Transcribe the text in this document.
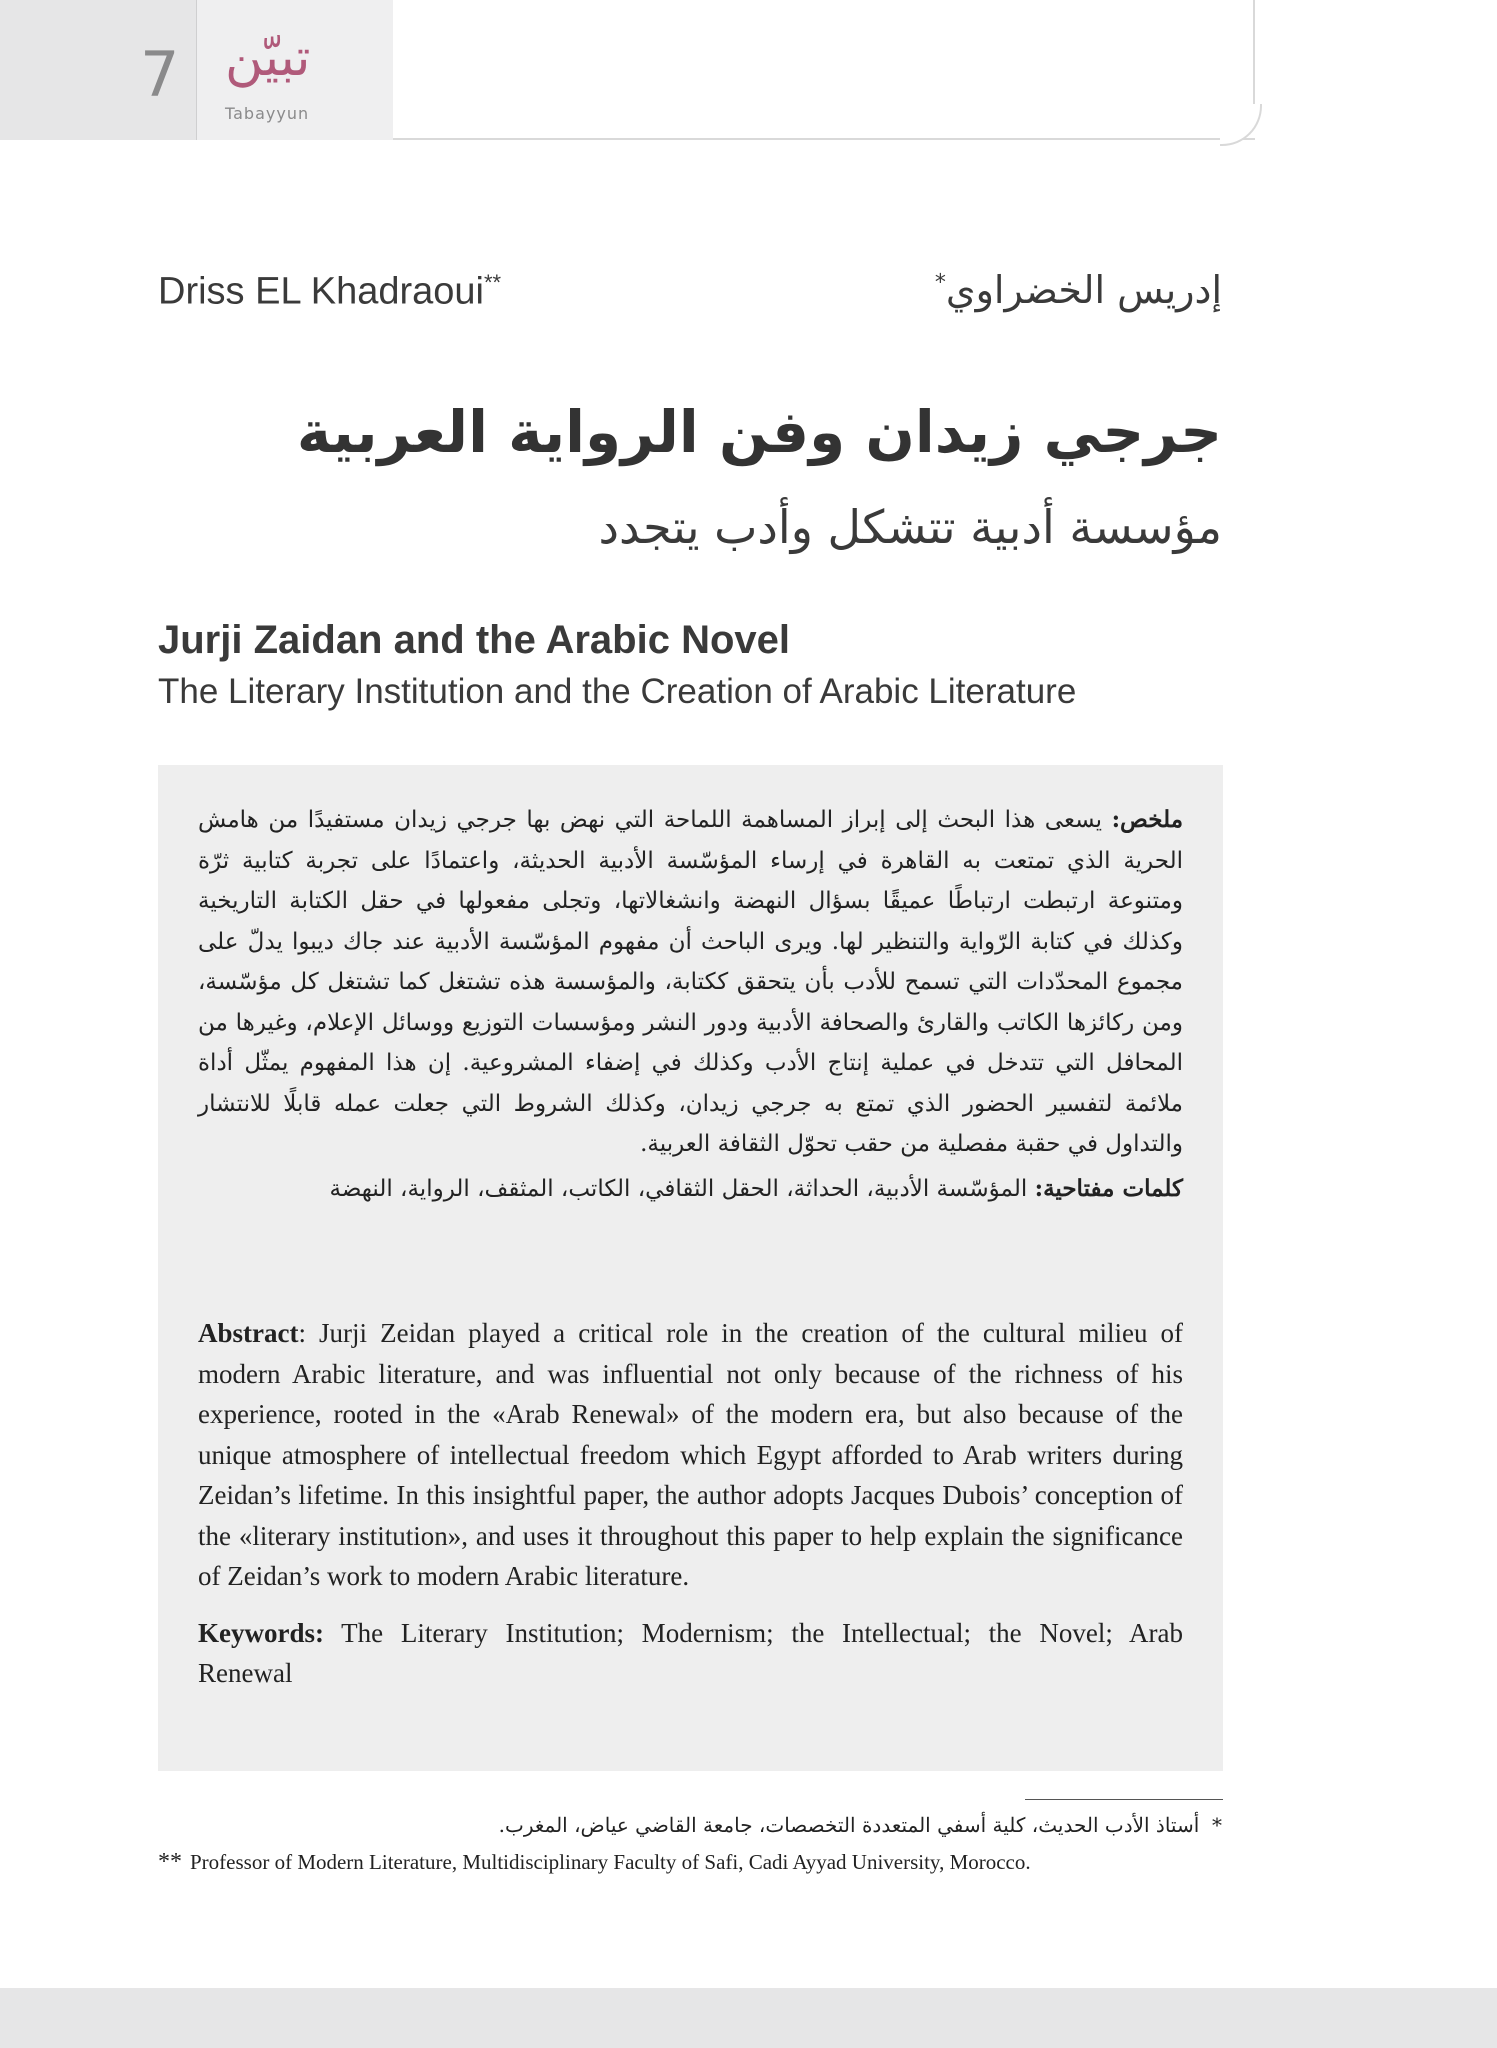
7 تبيّن
Tabayyun
Driss EL Khadraoui**	إدريس الخضراوي*
جرجي زيدان وفن الرواية العربية
مؤسسة أدبية تتشكل وأدب يتجدد
Jurji Zaidan and the Arabic Novel
The Literary Institution and the Creation of Arabic Literature

ملخص: يسعى هذا البحث إلى إبراز المساهمة اللماحة التي نهض بها جرجي زيدان مستفيدًا من هامش الحرية الذي تمتعت به القاهرة في إرساء المؤسّسة الأدبية الحديثة، واعتمادًا على تجربة كتابية ثرّة ومتنوعة ارتبطت ارتباطًا عميقًا بسؤال النهضة وانشغالاتها، وتجلى مفعولها في حقل الكتابة التاريخية وكذلك في كتابة الرّواية والتنظير لها. ويرى الباحث أن مفهوم المؤسّسة الأدبية عند جاك ديبوا يدلّ على مجموع المحدّدات التي تسمح للأدب بأن يتحقق ككتابة، والمؤسسة هذه تشتغل كما تشتغل كل مؤسّسة، ومن ركائزها الكاتب والقارئ والصحافة الأدبية ودور النشر ومؤسسات التوزيع ووسائل الإعلام، وغيرها من المحافل التي تتدخل في عملية إنتاج الأدب وكذلك في إضفاء المشروعية. إن هذا المفهوم يمثّل أداة ملائمة لتفسير الحضور الذي تمتع به جرجي زيدان، وكذلك الشروط التي جعلت عمله قابلًا للانتشار والتداول في حقبة مفصلية من حقب تحوّل الثقافة العربية.

كلمات مفتاحية: المؤسّسة الأدبية، الحداثة، الحقل الثقافي، الكاتب، المثقف، الرواية، النهضة

Abstract: Jurji Zeidan played a critical role in the creation of the cultural milieu of modern Arabic literature, and was influential not only because of the richness of his experience, rooted in the «Arab Renewal» of the modern era, but also because of the unique atmosphere of intellectual freedom which Egypt afforded to Arab writers during Zeidan’s lifetime. In this insightful paper, the author adopts Jacques Dubois’ conception of the «literary institution», and uses it throughout this paper to help explain the significance of Zeidan’s work to modern Arabic literature.

Keywords: The Literary Institution; Modernism; the Intellectual; the Novel; Arab Renewal

*  أستاذ الأدب الحديث، كلية أسفي المتعددة التخصصات، جامعة القاضي عياض، المغرب.
** Professor of Modern Literature, Multidisciplinary Faculty of Safi, Cadi Ayyad University, Morocco.
